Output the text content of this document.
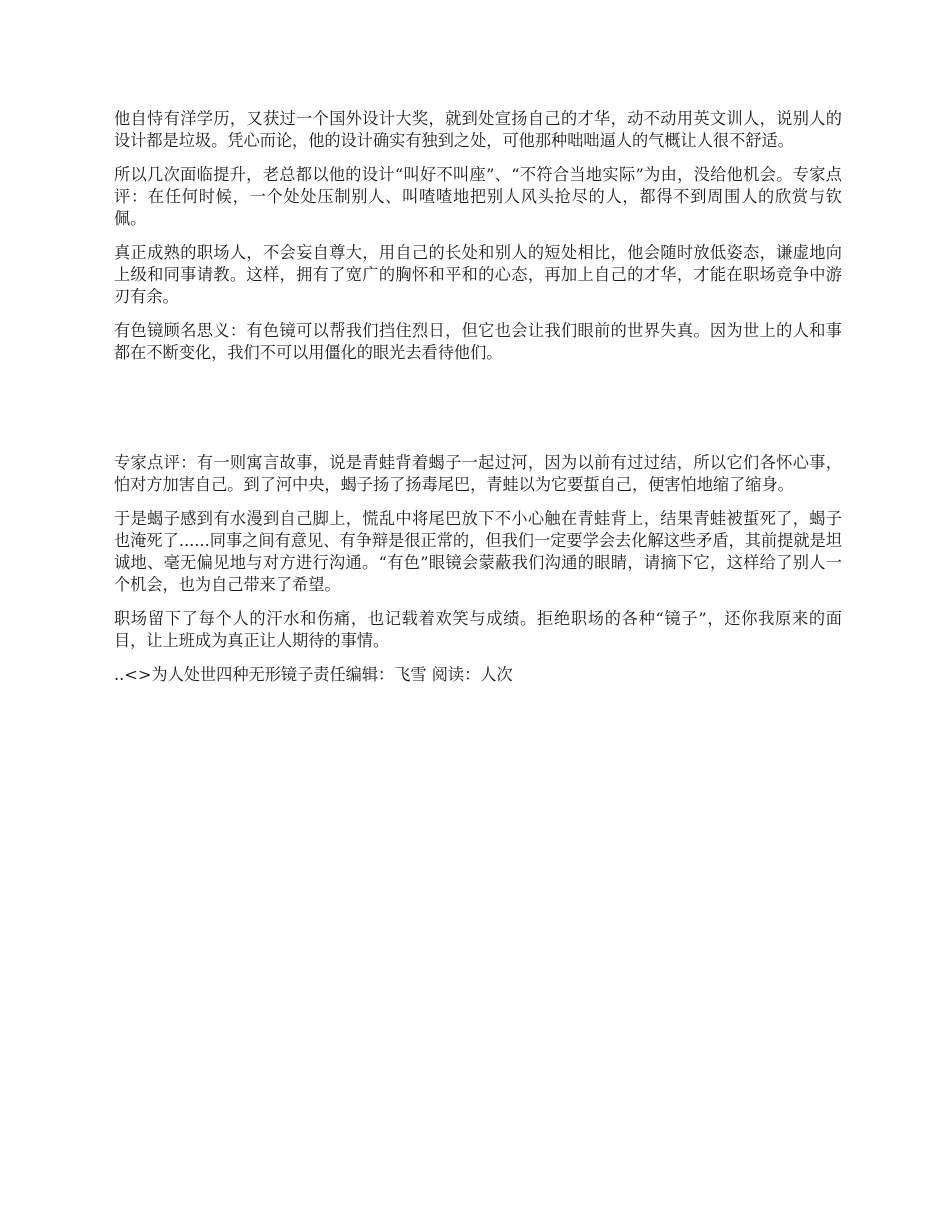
他自恃有洋学历，又获过一个国外设计大奖，就到处宣扬自己的才华，动不动用英文训人，说别人的设计都是垃圾。凭心而论，他的设计确实有独到之处，可他那种咄咄逼人的气概让人很不舒适。

所以几次面临提升，老总都以他的设计“叫好不叫座”、“不符合当地实际”为由，没给他机会。专家点评：在任何时候，一个处处压制别人、叫喳喳地把别人风头抢尽的人，都得不到周围人的欣赏与钦佩。

真正成熟的职场人，不会妄自尊大，用自己的长处和别人的短处相比，他会随时放低姿态，谦虚地向上级和同事请教。这样，拥有了宽广的胸怀和平和的心态，再加上自己的才华，才能在职场竞争中游刃有余。

有色镜顾名思义：有色镜可以帮我们挡住烈日，但它也会让我们眼前的世界失真。因为世上的人和事都在不断变化，我们不可以用僵化的眼光去看待他们。

专家点评：有一则寓言故事，说是青蛙背着蝎子一起过河，因为以前有过过结，所以它们各怀心事，怕对方加害自己。到了河中央，蝎子扬了扬毒尾巴，青蛙以为它要蜇自己，便害怕地缩了缩身。

于是蝎子感到有水漫到自己脚上，慌乱中将尾巴放下不小心触在青蛙背上，结果青蛙被蜇死了，蝎子也淹死了......同事之间有意见、有争辩是很正常的，但我们一定要学会去化解这些矛盾，其前提就是坦诚地、毫无偏见地与对方进行沟通。“有色”眼镜会蒙蔽我们沟通的眼睛，请摘下它，这样给了别人一个机会，也为自己带来了希望。

职场留下了每个人的汗水和伤痛，也记载着欢笑与成绩。拒绝职场的各种“镜子”，还你我原来的面目，让上班成为真正让人期待的事情。

..<>为人处世四种无形镜子责任编辑：飞雪 阅读：人次
